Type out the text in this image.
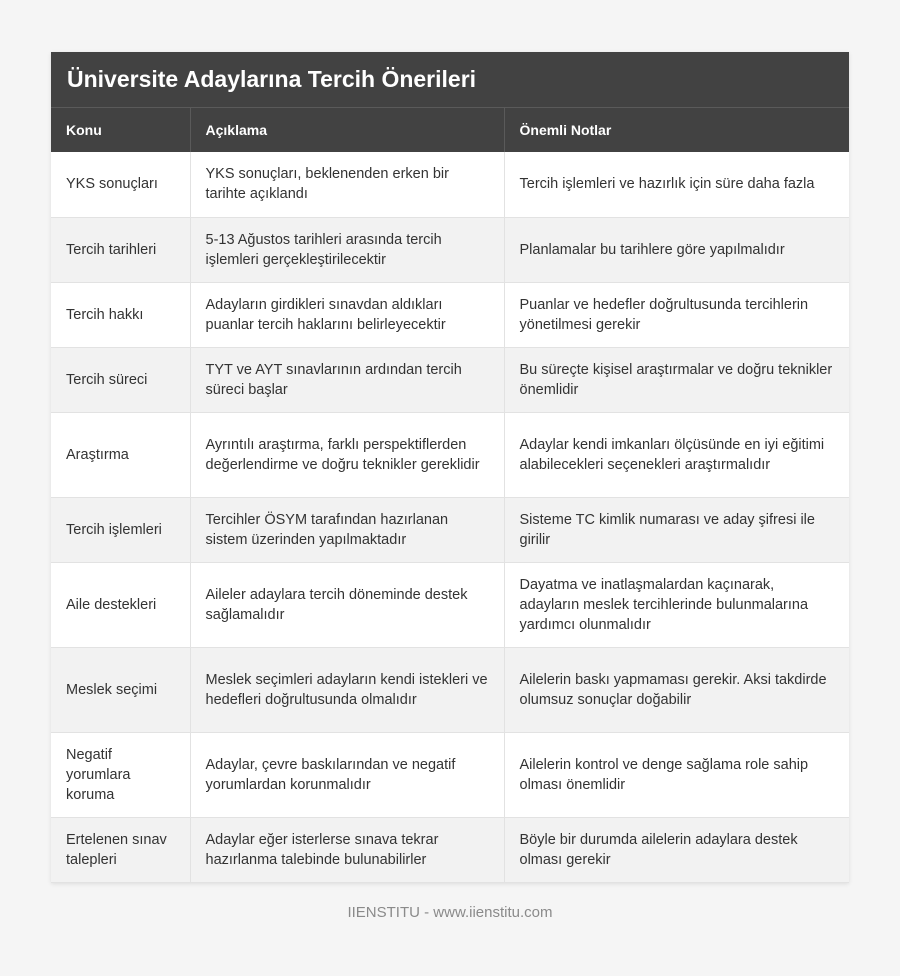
Üniversite Adaylarına Tercih Önerileri
Konu	Açıklama	Önemli Notlar
YKS sonuçları	YKS sonuçları, beklenenden erken bir tarihte açıklandı	Tercih işlemleri ve hazırlık için süre daha fazla
Tercih tarihleri	5-13 Ağustos tarihleri arasında tercih işlemleri gerçekleştirilecektir	Planlamalar bu tarihlere göre yapılmalıdır
Tercih hakkı	Adayların girdikleri sınavdan aldıkları puanlar tercih haklarını belirleyecektir	Puanlar ve hedefler doğrultusunda tercihlerin yönetilmesi gerekir
Tercih süreci	TYT ve AYT sınavlarının ardından tercih süreci başlar	Bu süreçte kişisel araştırmalar ve doğru teknikler önemlidir
Araştırma	Ayrıntılı araştırma, farklı perspektiflerden değerlendirme ve doğru teknikler gereklidir	Adaylar kendi imkanları ölçüsünde en iyi eğitimi alabilecekleri seçenekleri araştırmalıdır
Tercih işlemleri	Tercihler ÖSYM tarafından hazırlanan sistem üzerinden yapılmaktadır	Sisteme TC kimlik numarası ve aday şifresi ile girilir
Aile destekleri	Aileler adaylara tercih döneminde destek sağlamalıdır	Dayatma ve inatlaşmalardan kaçınarak, adayların meslek tercihlerinde bulunmalarına yardımcı olunmalıdır
Meslek seçimi	Meslek seçimleri adayların kendi istekleri ve hedefleri doğrultusunda olmalıdır	Ailelerin baskı yapmaması gerekir. Aksi takdirde olumsuz sonuçlar doğabilir
Negatif yorumlara koruma	Adaylar, çevre baskılarından ve negatif yorumlardan korunmalıdır	Ailelerin kontrol ve denge sağlama role sahip olması önemlidir
Ertelenen sınav talepleri	Adaylar eğer isterlerse sınava tekrar hazırlanma talebinde bulunabilirler	Böyle bir durumda ailelerin adaylara destek olması gerekir
IIENSTITU - www.iienstitu.com
